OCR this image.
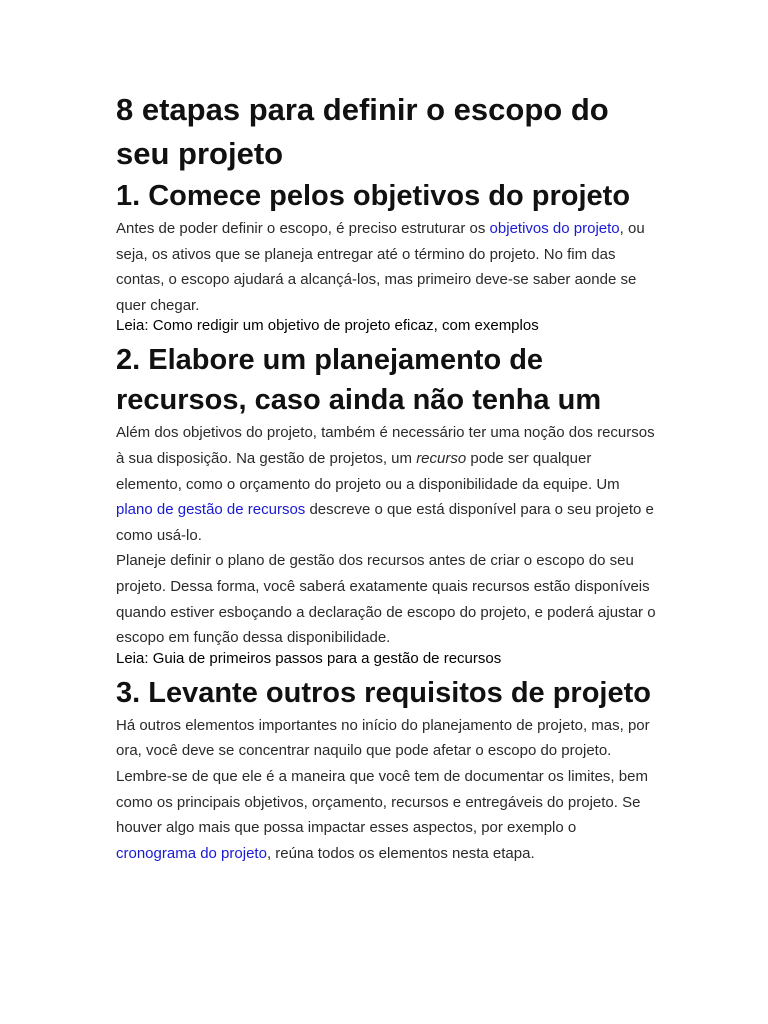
8 etapas para definir o escopo do seu projeto
1. Comece pelos objetivos do projeto

Antes de poder definir o escopo, é preciso estruturar os objetivos do projeto, ou seja, os ativos que se planeja entregar até o término do projeto. No fim das contas, o escopo ajudará a alcançá-los, mas primeiro deve-se saber aonde se quer chegar.

Leia: Como redigir um objetivo de projeto eficaz, com exemplos

2. Elabore um planejamento de recursos, caso ainda não tenha um

Além dos objetivos do projeto, também é necessário ter uma noção dos recursos à sua disposição. Na gestão de projetos, um recurso pode ser qualquer elemento, como o orçamento do projeto ou a disponibilidade da equipe. Um plano de gestão de recursos descreve o que está disponível para o seu projeto e como usá-lo.

Planeje definir o plano de gestão dos recursos antes de criar o escopo do seu projeto. Dessa forma, você saberá exatamente quais recursos estão disponíveis quando estiver esboçando a declaração de escopo do projeto, e poderá ajustar o escopo em função dessa disponibilidade.

Leia: Guia de primeiros passos para a gestão de recursos

3. Levante outros requisitos de projeto

Há outros elementos importantes no início do planejamento de projeto, mas, por ora, você deve se concentrar naquilo que pode afetar o escopo do projeto. Lembre-se de que ele é a maneira que você tem de documentar os limites, bem como os principais objetivos, orçamento, recursos e entregáveis do projeto. Se houver algo mais que possa impactar esses aspectos, por exemplo o cronograma do projeto, reúna todos os elementos nesta etapa.
